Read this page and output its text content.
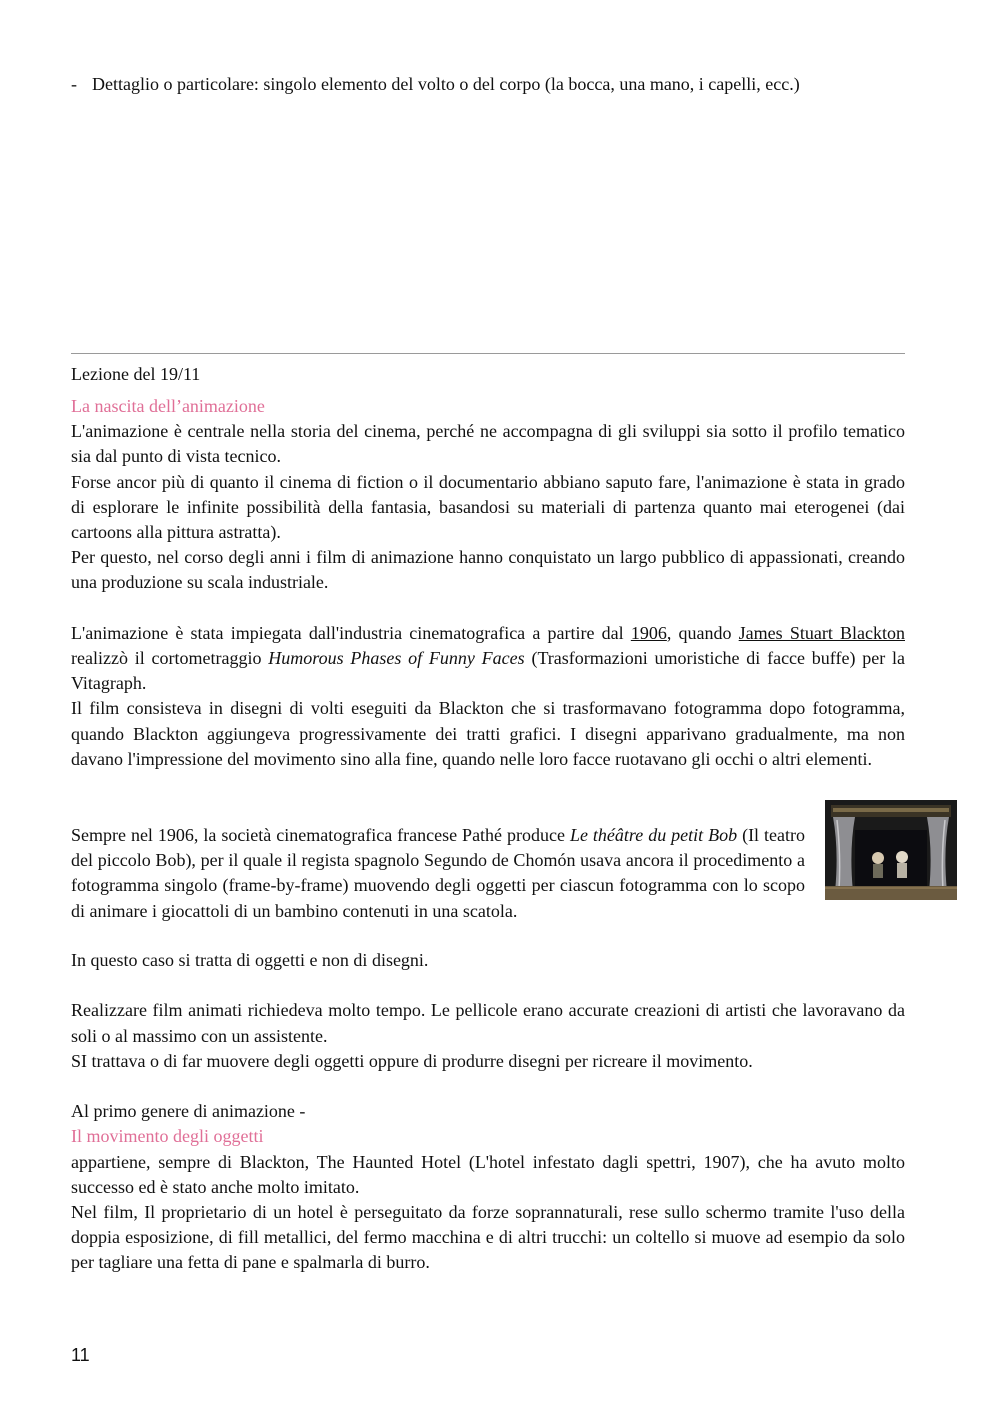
- Dettaglio o particolare: singolo elemento del volto o del corpo (la bocca, una mano, i capelli, ecc.)
Lezione del 19/11

La nascita dell’animazione

L'animazione è centrale nella storia del cinema, perché ne accompagna di gli sviluppi sia sotto il profilo tematico sia dal punto di vista tecnico.

Forse ancor più di quanto il cinema di fiction o il documentario abbiano saputo fare, l'animazione è stata in grado di esplorare le infinite possibilità della fantasia, basandosi su materiali di partenza quanto mai eterogenei (dai cartoons alla pittura astratta).

Per questo, nel corso degli anni i film di animazione hanno conquistato un largo pubblico di appassionati, creando una produzione su scala industriale.

L'animazione è stata impiegata dall'industria cinematografica a partire dal 1906, quando James Stuart Blackton realizzò il cortometraggio Humorous Phases of Funny Faces (Trasformazioni umoristiche di facce buffe) per la Vitagraph.

Il film consisteva in disegni di volti eseguiti da Blackton che si trasformavano fotogramma dopo fotogramma, quando Blackton aggiungeva progressivamente dei tratti grafici. I disegni apparivano gradualmente, ma non davano l'impressione del movimento sino alla fine, quando nelle loro facce ruotavano gli occhi o altri elementi.

Sempre nel 1906, la società cinematografica francese Pathé produce Le théâtre du petit Bob (Il teatro del piccolo Bob), per il quale il regista spagnolo Segundo de Chomón usava ancora il procedimento a fotogramma singolo (frame-by-frame) muovendo degli oggetti per ciascun fotogramma con lo scopo di animare i giocattoli di un bambino contenuti in una scatola.

In questo caso si tratta di oggetti e non di disegni.

Realizzare film animati richiedeva molto tempo. Le pellicole erano accurate creazioni di artisti che lavoravano da soli o al massimo con un assistente.

SI trattava o di far muovere degli oggetti oppure di produrre disegni per ricreare il movimento.

Al primo genere di animazione -

Il movimento degli oggetti

appartiene, sempre di Blackton, The Haunted Hotel (L'hotel infestato dagli spettri, 1907), che ha avuto molto successo ed è stato anche molto imitato.

Nel film, Il proprietario di un hotel è perseguitato da forze soprannaturali, rese sullo schermo tramite l'uso della doppia esposizione, di fill metallici, del fermo macchina e di altri trucchi: un coltello si muove ad esempio da solo per tagliare una fetta di pane e spalmarla di burro.

11
